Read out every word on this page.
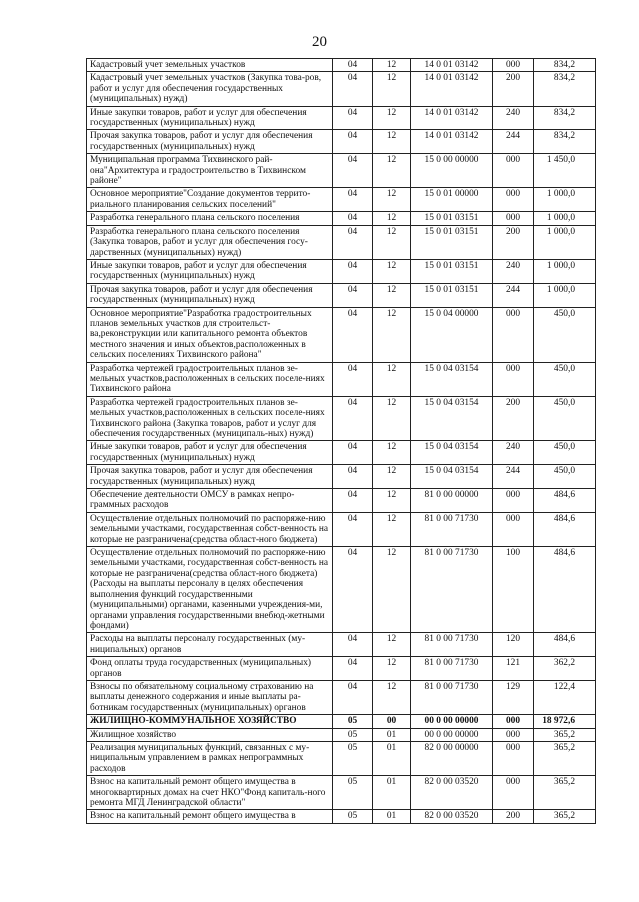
20
Кадастровый учет земельных участков	04	12	14 0 01 03142	000	834,2
Кадастровый учет земельных участков (Закупка това-ров, работ и услуг для обеспечения государственных (муниципальных) нужд)	04	12	14 0 01 03142	200	834,2
Иные закупки товаров, работ и услуг для обеспечения государственных (муниципальных) нужд	04	12	14 0 01 03142	240	834,2
Прочая закупка товаров, работ и услуг для обеспечения государственных (муниципальных) нужд	04	12	14 0 01 03142	244	834,2
Муниципальная программа Тихвинского рай-она"Архитектура и градостроительство в Тихвинском районе"	04	12	15 0 00 00000	000	1 450,0
Основное мероприятие"Создание документов террито-риального планирования сельских поселений"	04	12	15 0 01 00000	000	1 000,0
Разработка генерального плана сельского поселения	04	12	15 0 01 03151	000	1 000,0
Разработка генерального плана сельского поселения (Закупка товаров, работ и услуг для обеспечения госу-дарственных (муниципальных) нужд)	04	12	15 0 01 03151	200	1 000,0
Иные закупки товаров, работ и услуг для обеспечения государственных (муниципальных) нужд	04	12	15 0 01 03151	240	1 000,0
Прочая закупка товаров, работ и услуг для обеспечения государственных (муниципальных) нужд	04	12	15 0 01 03151	244	1 000,0
Основное мероприятие"Разработка градостроительных планов земельных участков для строительст-ва,реконструкции или капитального ремонта объектов местного значения и иных объектов,расположенных в сельских поселениях Тихвинского района"	04	12	15 0 04 00000	000	450,0
Разработка чертежей градостроительных планов зе-мельных участков,расположенных в сельских поселе-ниях Тихвинского района	04	12	15 0 04 03154	000	450,0
Разработка чертежей градостроительных планов зе-мельных участков,расположенных в сельских поселе-ниях Тихвинского района (Закупка товаров, работ и услуг для обеспечения государственных (муниципаль-ных) нужд)	04	12	15 0 04 03154	200	450,0
Иные закупки товаров, работ и услуг для обеспечения государственных (муниципальных) нужд	04	12	15 0 04 03154	240	450,0
Прочая закупка товаров, работ и услуг для обеспечения государственных (муниципальных) нужд	04	12	15 0 04 03154	244	450,0
Обеспечение деятельности ОМСУ в рамках непро-граммных расходов	04	12	81 0 00 00000	000	484,6
Осуществление отдельных полномочий по распоряже-нию земельными участками, государственная собст-венность на которые не разграничена(средства област-ного бюджета)	04	12	81 0 00 71730	000	484,6
Осуществление отдельных полномочий по распоряже-нию земельными участками, государственная собст-венность на которые не разграничена(средства област-ного бюджета) (Расходы на выплаты персоналу в целях обеспечения выполнения функций государственными (муниципальными) органами, казенными учреждения-ми, органами управления государственными внебюд-жетными фондами)	04	12	81 0 00 71730	100	484,6
Расходы на выплаты персоналу государственных (му-ниципальных) органов	04	12	81 0 00 71730	120	484,6
Фонд оплаты труда государственных (муниципальных) органов	04	12	81 0 00 71730	121	362,2
Взносы по обязательному социальному страхованию на выплаты денежного содержания и иные выплаты ра-ботникам государственных (муниципальных) органов	04	12	81 0 00 71730	129	122,4
ЖИЛИЩНО-КОММУНАЛЬНОЕ ХОЗЯЙСТВО	05	00	00 0 00 00000	000	18 972,6
Жилищное хозяйство	05	01	00 0 00 00000	000	365,2
Реализация муниципальных функций, связанных с му-ниципальным управлением в рамках непрограммных расходов	05	01	82 0 00 00000	000	365,2
Взнос на капитальный ремонт общего имущества в многоквартирных домах на счет НКО"Фонд капиталь-ного ремонта МГД Ленинградской области"	05	01	82 0 00 03520	000	365,2
Взнос на капитальный ремонт общего имущества в	05	01	82 0 00 03520	200	365,2
